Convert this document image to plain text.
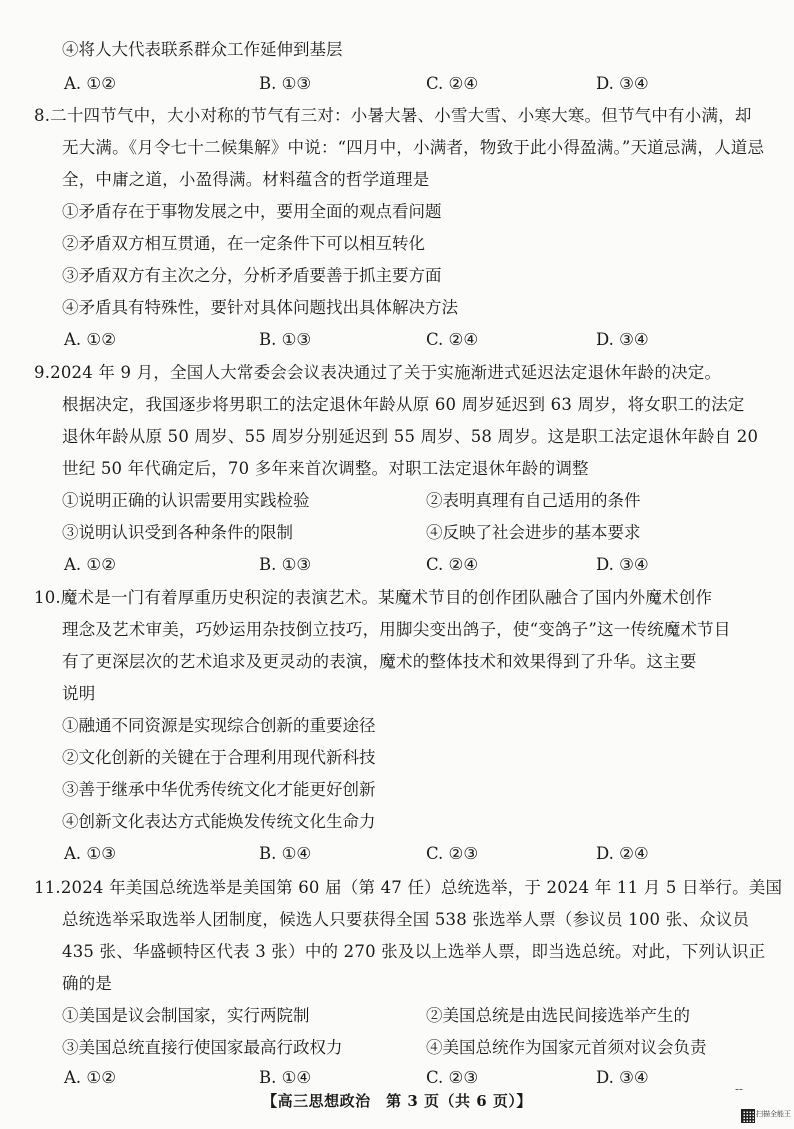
④将人大代表联系群众工作延伸到基层
A. ①②	B. ①③	C. ②④	D. ③④
8.二十四节气中，大小对称的节气有三对：小暑大暑、小雪大雪、小寒大寒。但节气中有小满，却
无大满。《月令七十二候集解》中说：“四月中，小满者，物致于此小得盈满。”天道忌满，人道忌
全，中庸之道，小盈得满。材料蕴含的哲学道理是
①矛盾存在于事物发展之中，要用全面的观点看问题
②矛盾双方相互贯通，在一定条件下可以相互转化
③矛盾双方有主次之分，分析矛盾要善于抓主要方面
④矛盾具有特殊性，要针对具体问题找出具体解决方法
A. ①②	B. ①③	C. ②④	D. ③④
9.2024 年 9 月，全国人大常委会会议表决通过了关于实施渐进式延迟法定退休年龄的决定。
根据决定，我国逐步将男职工的法定退休年龄从原 60 周岁延迟到 63 周岁，将女职工的法定
退休年龄从原 50 周岁、55 周岁分别延迟到 55 周岁、58 周岁。这是职工法定退休年龄自 20
世纪 50 年代确定后，70 多年来首次调整。对职工法定退休年龄的调整
①说明正确的认识需要用实践检验	②表明真理有自己适用的条件
③说明认识受到各种条件的限制	④反映了社会进步的基本要求
A. ①②	B. ①③	C. ②④	D. ③④
10.魔术是一门有着厚重历史积淀的表演艺术。某魔术节目的创作团队融合了国内外魔术创作
理念及艺术审美，巧妙运用杂技倒立技巧，用脚尖变出鸽子，使“变鸽子”这一传统魔术节目
有了更深层次的艺术追求及更灵动的表演，魔术的整体技术和效果得到了升华。这主要
说明
①融通不同资源是实现综合创新的重要途径
②文化创新的关键在于合理利用现代新科技
③善于继承中华优秀传统文化才能更好创新
④创新文化表达方式能焕发传统文化生命力
A. ①③	B. ①④	C. ②③	D. ②④
11.2024 年美国总统选举是美国第 60 届（第 47 任）总统选举，于 2024 年 11 月 5 日举行。美国
总统选举采取选举人团制度，候选人只要获得全国 538 张选举人票（参议员 100 张、众议员
435 张、华盛顿特区代表 3 张）中的 270 张及以上选举人票，即当选总统。对此，下列认识正
确的是
①美国是议会制国家，实行两院制	②美国总统是由选民间接选举产生的
③美国总统直接行使国家最高行政权力	④美国总统作为国家元首须对议会负责
A. ①②	B. ①④	C. ②③	D. ③④
【高三思想政治　第 3 页（共 6 页）】
--
扫描全能王
